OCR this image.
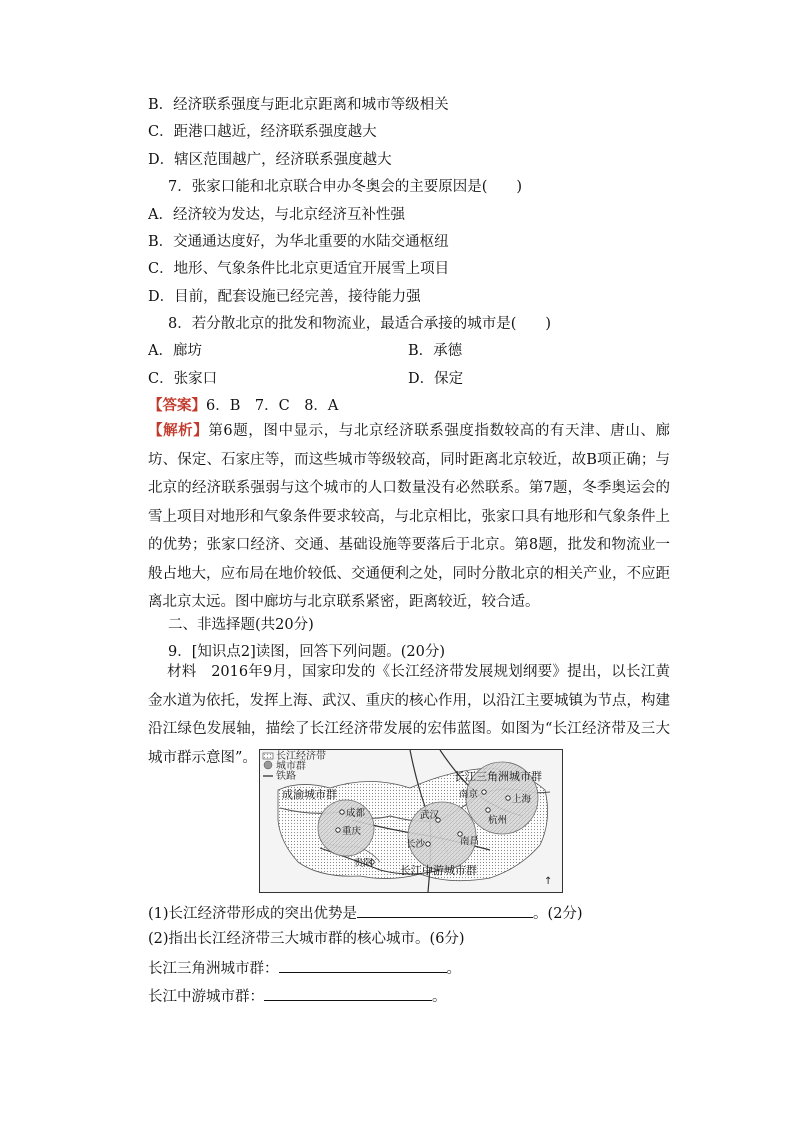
B．经济联系强度与距北京距离和城市等级相关
C．距港口越近，经济联系强度越大
D．辖区范围越广，经济联系强度越大
7．张家口能和北京联合申办冬奥会的主要原因是(　　)
A．经济较为发达，与北京经济互补性强
B．交通通达度好，为华北重要的水陆交通枢纽
C．地形、气象条件比北京更适宜开展雪上项目
D．目前，配套设施已经完善，接待能力强
8．若分散北京的批发和物流业，最适合承接的城市是(　　)
A．廊坊	B．承德
C．张家口	D．保定
【答案】6．B　7．C　8．A
【解析】第6题，图中显示，与北京经济联系强度指数较高的有天津、唐山、廊坊、保定、石家庄等，而这些城市等级较高，同时距离北京较近，故B项正确；与北京的经济联系强弱与这个城市的人口数量没有必然联系。第7题，冬季奥运会的雪上项目对地形和气象条件要求较高，与北京相比，张家口具有地形和气象条件上的优势；张家口经济、交通、基础设施等要落后于北京。第8题，批发和物流业一般占地大，应布局在地价较低、交通便利之处，同时分散北京的相关产业，不应距离北京太远。图中廊坊与北京联系紧密，距离较近，较合适。
二、非选择题(共20分)
9．[知识点2]读图，回答下列问题。(20分)
材料　2016年9月，国家印发的《长江经济带发展规划纲要》提出，以长江黄金水道为依托，发挥上海、武汉、重庆的核心作用，以沿江主要城镇为节点，构建沿江绿色发展轴，描绘了长江经济带发展的宏伟蓝图。如图为“长江经济带及三大城市群示意图”。	长江经济带
城市群
铁路
成渝城市群
长江三角洲城市群
长江中游城市群
成都
重庆
武汉
南京	上海
杭州
南昌
长沙
贵阳
↑
(1)长江经济带形成的突出优势是	。(2分)
(2)指出长江经济带三大城市群的核心城市。(6分)
长江三角洲城市群：	。
长江中游城市群：	。
